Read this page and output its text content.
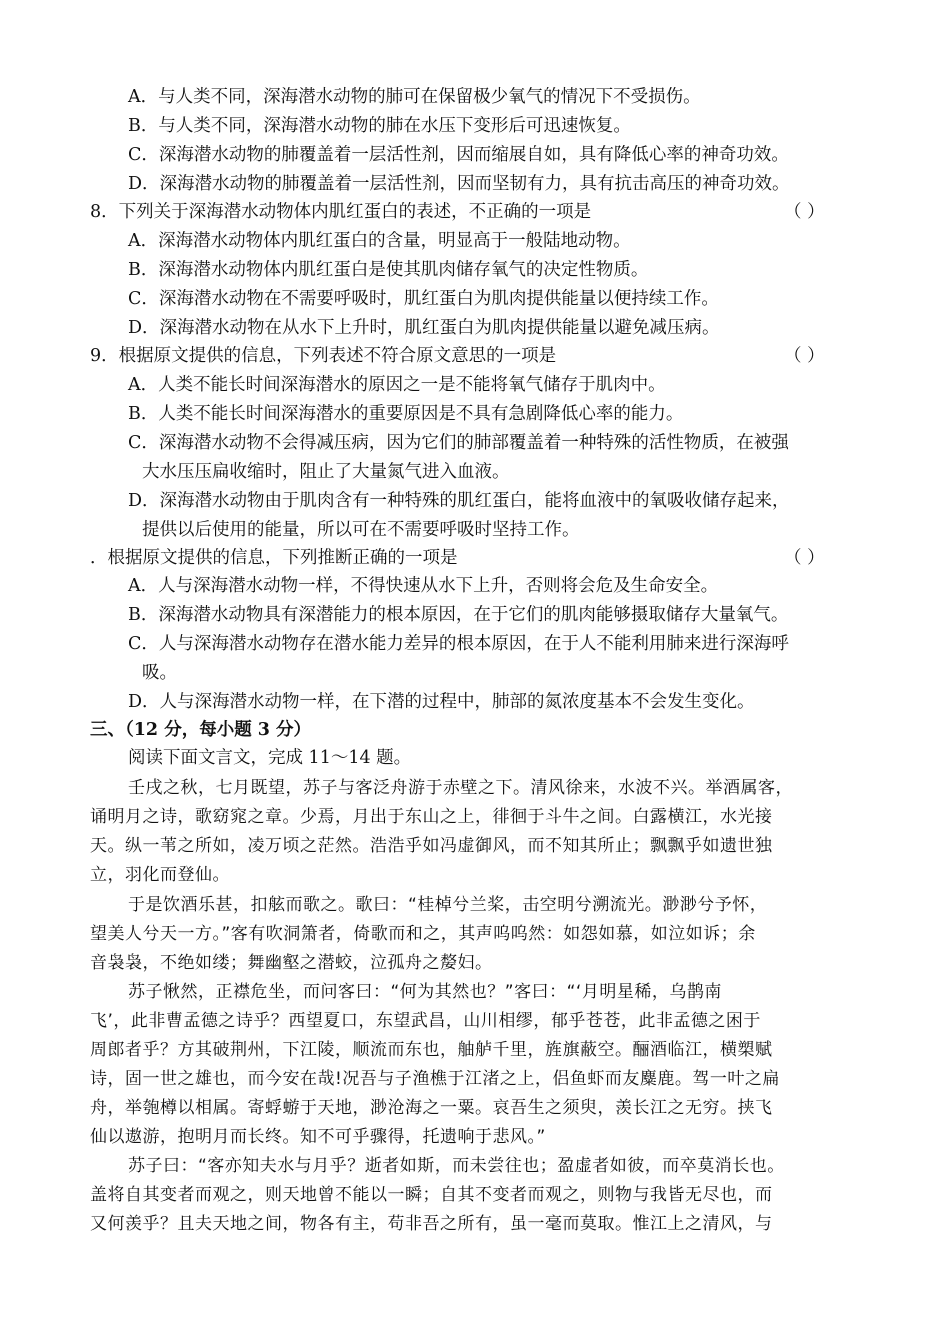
A．与人类不同，深海潜水动物的肺可在保留极少氧气的情况下不受损伤。
B．与人类不同，深海潜水动物的肺在水压下变形后可迅速恢复。
C．深海潜水动物的肺覆盖着一层活性剂，因而缩展自如，具有降低心率的神奇功效。
D．深海潜水动物的肺覆盖着一层活性剂，因而坚韧有力，具有抗击高压的神奇功效。
8．下列关于深海潜水动物体内肌红蛋白的表述，不正确的一项是	（ ）
A．深海潜水动物体内肌红蛋白的含量，明显高于一般陆地动物。
B．深海潜水动物体内肌红蛋白是使其肌肉储存氧气的决定性物质。
C．深海潜水动物在不需要呼吸时，肌红蛋白为肌肉提供能量以便持续工作。
D．深海潜水动物在从水下上升时，肌红蛋白为肌肉提供能量以避免减压病。
9．根据原文提供的信息，下列表述不符合原文意思的一项是	（ ）
A．人类不能长时间深海潜水的原因之一是不能将氧气储存于肌肉中。
B．人类不能长时间深海潜水的重要原因是不具有急剧降低心率的能力。
C．深海潜水动物不会得减压病，因为它们的肺部覆盖着一种特殊的活性物质，在被强
大水压压扁收缩时，阻止了大量氮气进入血液。
D．深海潜水动物由于肌肉含有一种特殊的肌红蛋白，能将血液中的氧吸收储存起来，
提供以后使用的能量，所以可在不需要呼吸时坚持工作。
．根据原文提供的信息，下列推断正确的一项是	（ ）
A．人与深海潜水动物一样，不得快速从水下上升，否则将会危及生命安全。
B．深海潜水动物具有深潜能力的根本原因，在于它们的肌肉能够摄取储存大量氧气。
C．人与深海潜水动物存在潜水能力差异的根本原因，在于人不能利用肺来进行深海呼
吸。
D．人与深海潜水动物一样，在下潜的过程中，肺部的氮浓度基本不会发生变化。
三、（12 分，每小题 3 分）
阅读下面文言文，完成 11～14 题。
壬戌之秋，七月既望，苏子与客泛舟游于赤壁之下。清风徐来，水波不兴。举酒属客，
诵明月之诗，歌窈窕之章。少焉，月出于东山之上，徘徊于斗牛之间。白露横江，水光接
天。纵一苇之所如，凌万顷之茫然。浩浩乎如冯虚御风，而不知其所止；飘飘乎如遗世独
立，羽化而登仙。
于是饮酒乐甚，扣舷而歌之。歌曰：“桂棹兮兰桨，击空明兮溯流光。渺渺兮予怀，
望美人兮天一方。”客有吹洞箫者，倚歌而和之，其声呜呜然：如怨如慕，如泣如诉；余
音袅袅，不绝如缕；舞幽壑之潜蛟，泣孤舟之嫠妇。
苏子愀然，正襟危坐，而问客曰：“何为其然也？”客曰：“‘月明星稀，乌鹊南
飞’，此非曹孟德之诗乎？西望夏口，东望武昌，山川相缪，郁乎苍苍，此非孟德之困于
周郎者乎？方其破荆州，下江陵，顺流而东也，舳舻千里，旌旗蔽空。酾酒临江，横槊赋
诗，固一世之雄也，而今安在哉!况吾与子渔樵于江渚之上，侣鱼虾而友麋鹿。驾一叶之扁
舟，举匏樽以相属。寄蜉蝣于天地，渺沧海之一粟。哀吾生之须臾，羡长江之无穷。挟飞
仙以遨游，抱明月而长终。知不可乎骤得，托遗响于悲风。”
苏子曰：“客亦知夫水与月乎？逝者如斯，而未尝往也；盈虚者如彼，而卒莫消长也。
盖将自其变者而观之，则天地曾不能以一瞬；自其不变者而观之，则物与我皆无尽也，而
又何羡乎？且夫天地之间，物各有主，苟非吾之所有，虽一毫而莫取。惟江上之清风，与
